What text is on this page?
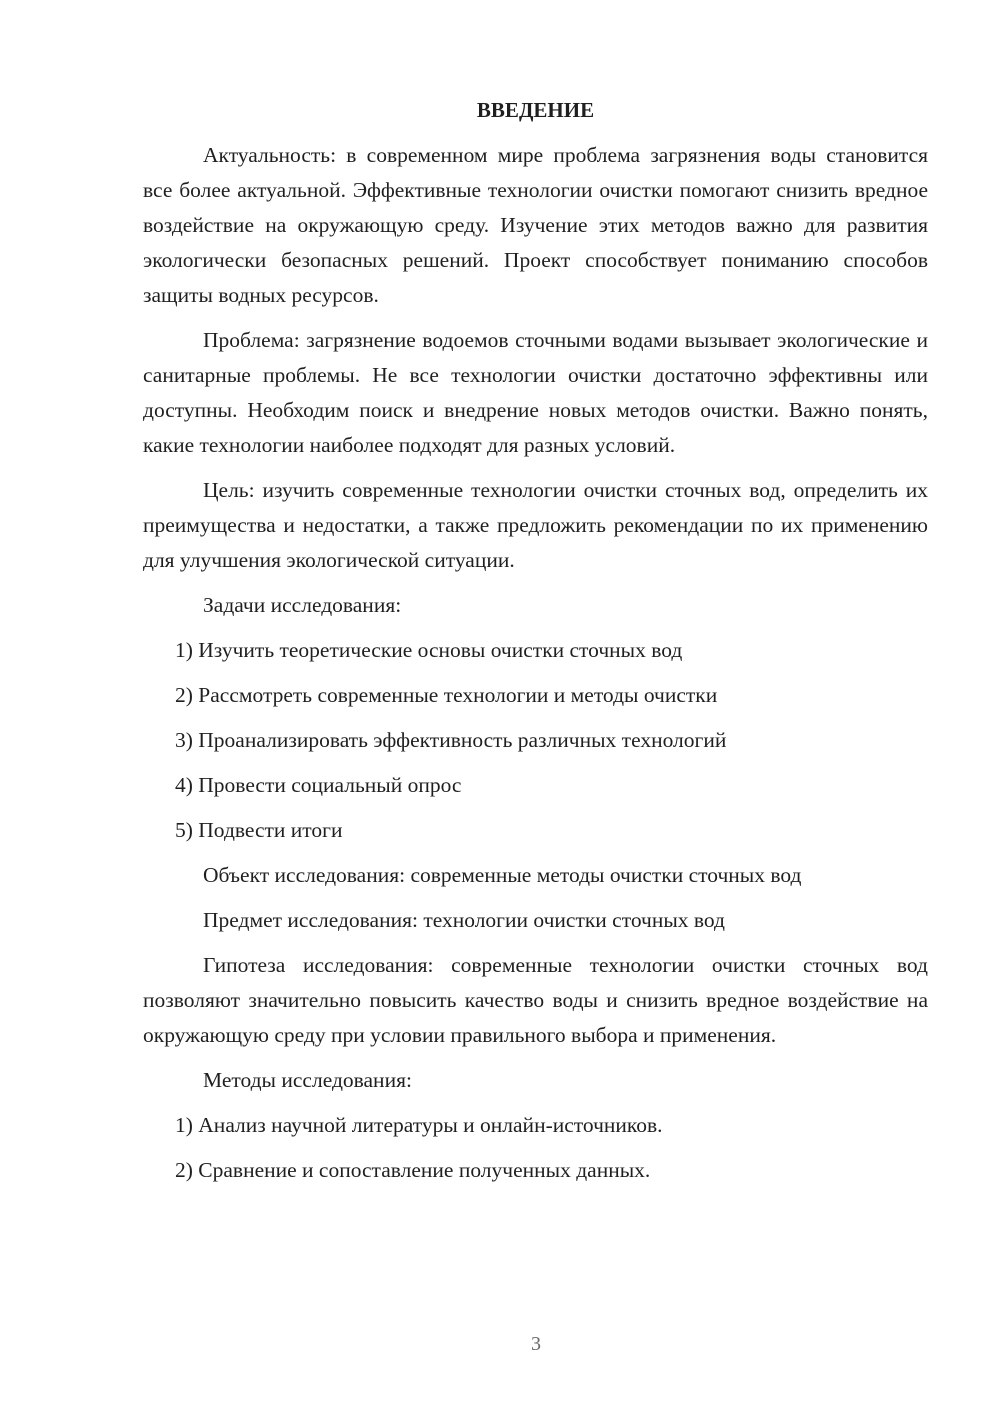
ВВЕДЕНИЕ

Актуальность: в современном мире проблема загрязнения воды становится все более актуальной. Эффективные технологии очистки помогают снизить вредное воздействие на окружающую среду. Изучение этих методов важно для развития экологически безопасных решений. Проект способствует пониманию способов защиты водных ресурсов.

Проблема: загрязнение водоемов сточными водами вызывает экологические и санитарные проблемы. Не все технологии очистки достаточно эффективны или доступны. Необходим поиск и внедрение новых методов очистки. Важно понять, какие технологии наиболее подходят для разных условий.

Цель: изучить современные технологии очистки сточных вод, определить их преимущества и недостатки, а также предложить рекомендации по их применению для улучшения экологической ситуации.

Задачи исследования:
1) Изучить теоретические основы очистки сточных вод
2) Рассмотреть современные технологии и методы очистки
3) Проанализировать эффективность различных технологий
4) Провести социальный опрос
5) Подвести итоги
Объект исследования: современные методы очистки сточных вод
Предмет исследования: технологии очистки сточных вод

Гипотеза исследования: современные технологии очистки сточных вод позволяют значительно повысить качество воды и снизить вредное воздействие на окружающую среду при условии правильного выбора и применения.

Методы исследования:
1) Анализ научной литературы и онлайн-источников.
2) Сравнение и сопоставление полученных данных.
3
